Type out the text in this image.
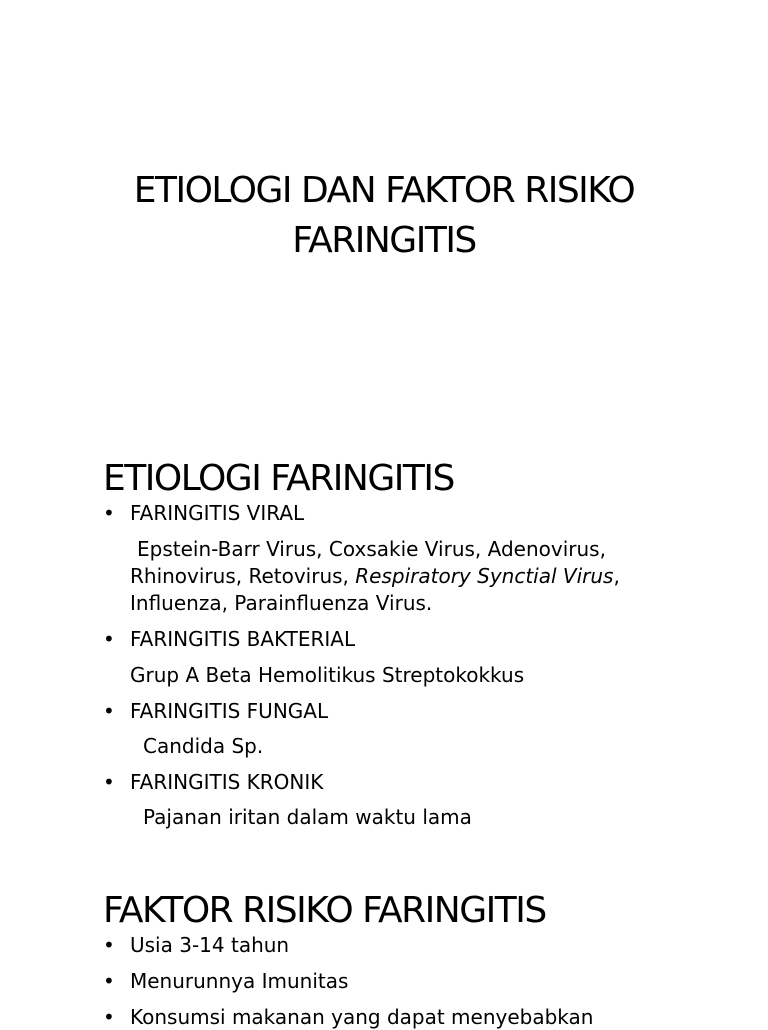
ETIOLOGI DAN FAKTOR RISIKO
FARINGITIS
ETIOLOGI FARINGITIS
• FARINGITIS VIRAL
Epstein-Barr Virus, Coxsakie Virus, Adenovirus,
Rhinovirus, Retovirus, Respiratory Synctial Virus,
Influenza, Parainfluenza Virus.
• FARINGITIS BAKTERIAL
Grup A Beta Hemolitikus Streptokokkus
• FARINGITIS FUNGAL
Candida Sp.
• FARINGITIS KRONIK
Pajanan iritan dalam waktu lama
FAKTOR RISIKO FARINGITIS
• Usia 3-14 tahun
• Menurunnya Imunitas
• Konsumsi makanan yang dapat menyebabkan
